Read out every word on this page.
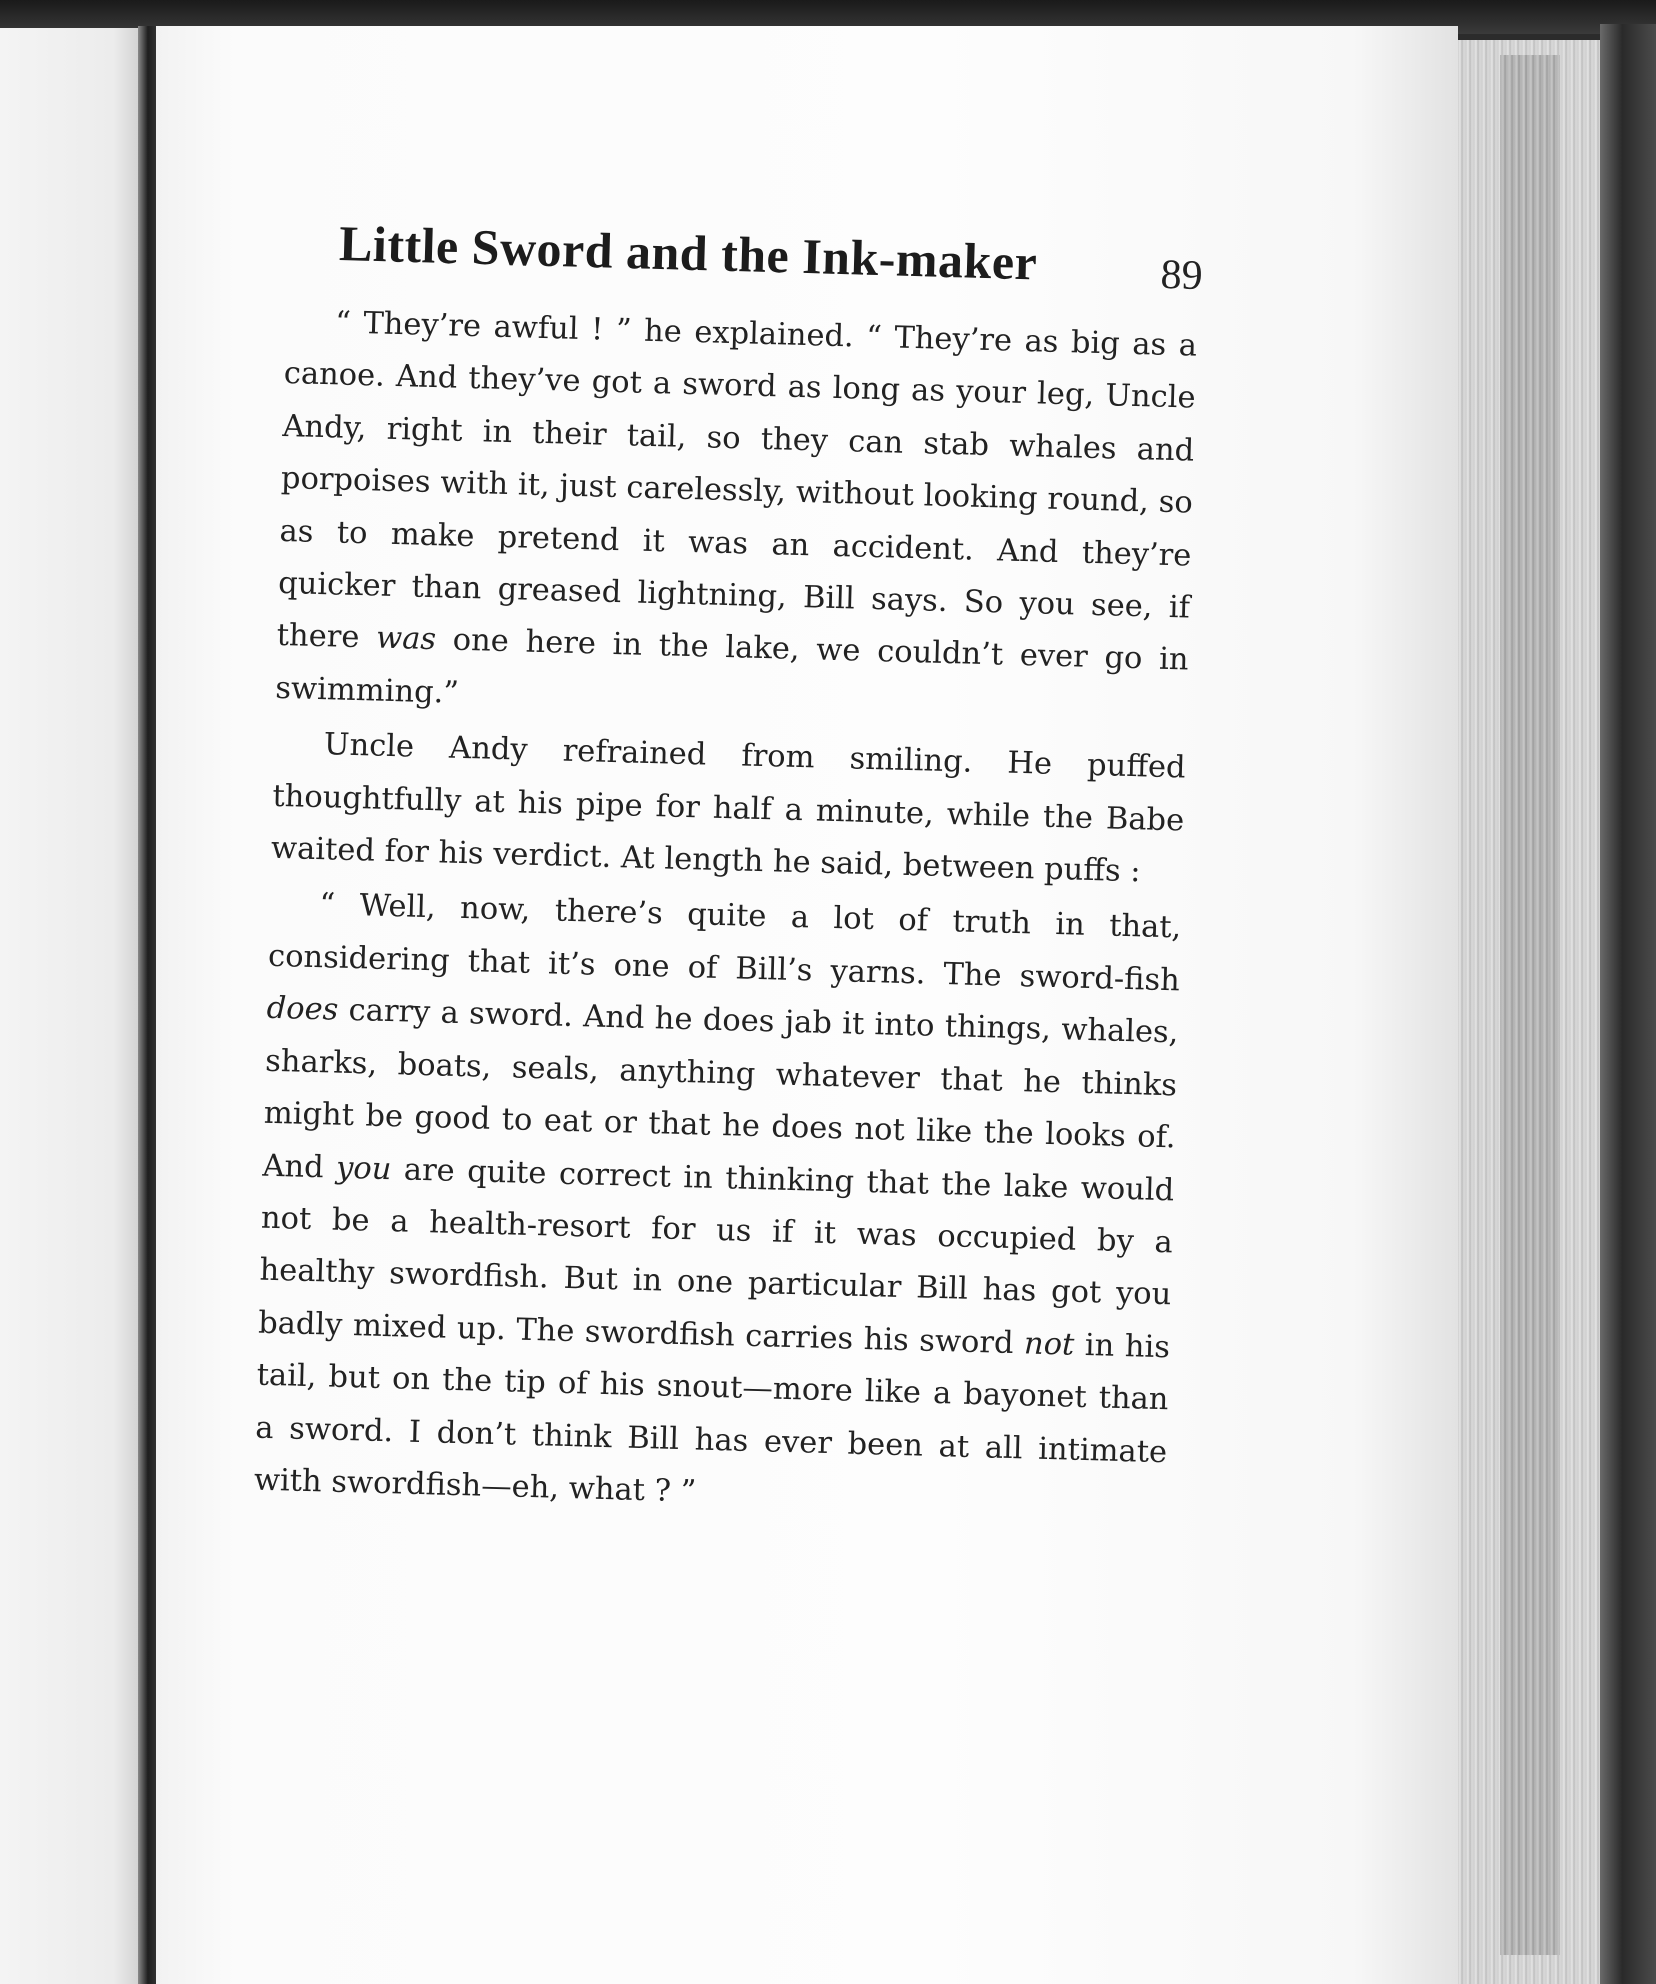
Little Sword and the Ink-maker	89

“ They’re awful ! ” he explained. “ They’re as big as a canoe. And they’ve got a sword as long as your leg, Uncle Andy, right in their tail, so they can stab whales and porpoises with it, just carelessly, without looking round, so as to make pretend it was an accident. And they’re quicker than greased lightning, Bill says. So you see, if there was one here in the lake, we couldn’t ever go in swimming.”

Uncle Andy refrained from smiling. He puffed thoughtfully at his pipe for half a minute, while the Babe waited for his verdict. At length he said, between puffs :

“ Well, now, there’s quite a lot of truth in that, considering that it’s one of Bill’s yarns. The sword-fish does carry a sword. And he does jab it into things, whales, sharks, boats, seals, anything whatever that he thinks might be good to eat or that he does not like the looks of. And you are quite correct in thinking that the lake would not be a health-resort for us if it was occupied by a healthy swordfish. But in one particular Bill has got you badly mixed up. The swordfish carries his sword not in his tail, but on the tip of his snout—more like a bayonet than a sword. I don’t think Bill has ever been at all intimate with swordfish—eh, what ? ”
